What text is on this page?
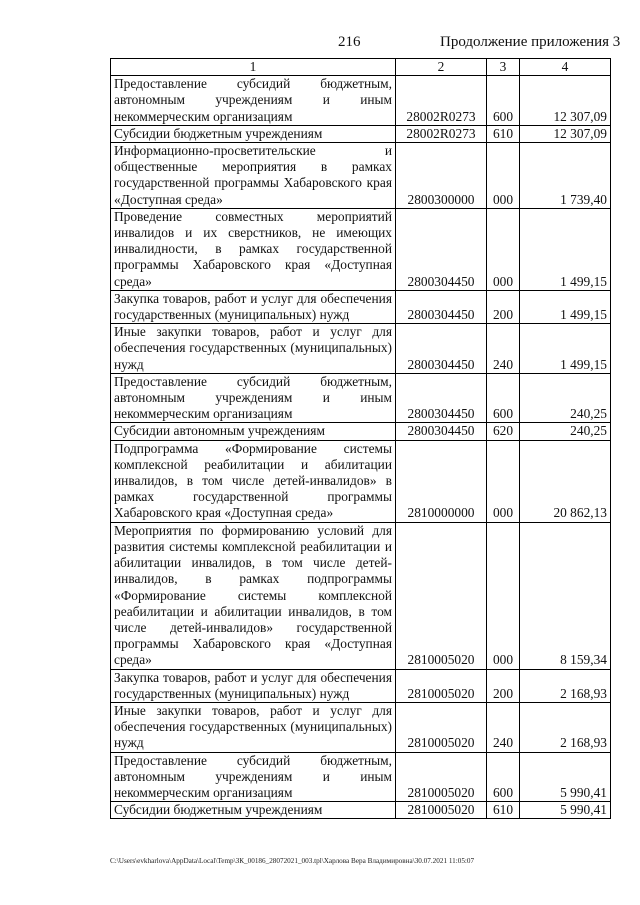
216	Продолжение приложения 3
1	2	3	4
Предоставление субсидий бюджетным, автономным учреждениям и иным некоммерческим организациям	28002R0273	600	12 307,09
Субсидии бюджетным учреждениям	28002R0273	610	12 307,09
Информационно-просветительские и общественные мероприятия в рамках государственной программы Хабаровского края «Доступная среда»	2800300000	000	1 739,40
Проведение совместных мероприятий инвалидов и их сверстников, не имеющих инвалидности, в рамках государственной программы Хабаровского края «Доступная среда»	2800304450	000	1 499,15
Закупка товаров, работ и услуг для обеспечения государственных (муниципальных) нужд	2800304450	200	1 499,15
Иные закупки товаров, работ и услуг для обеспечения государственных (муниципальных) нужд	2800304450	240	1 499,15
Предоставление субсидий бюджетным, автономным учреждениям и иным некоммерческим организациям	2800304450	600	240,25
Субсидии автономным учреждениям	2800304450	620	240,25
Подпрограмма «Формирование системы комплексной реабилитации и абилитации инвалидов, в том числе детей-инвалидов» в рамках государственной программы Хабаровского края «Доступная среда»	2810000000	000	20 862,13
Мероприятия по формированию условий для развития системы комплексной реабилитации и абилитации инвалидов, в том числе детей-инвалидов, в рамках подпрограммы «Формирование системы комплексной реабилитации и абилитации инвалидов, в том числе детей-инвалидов» государственной программы Хабаровского края «Доступная среда»	2810005020	000	8 159,34
Закупка товаров, работ и услуг для обеспечения государственных (муниципальных) нужд	2810005020	200	2 168,93
Иные закупки товаров, работ и услуг для обеспечения государственных (муниципальных) нужд	2810005020	240	2 168,93
Предоставление субсидий бюджетным, автономным учреждениям и иным некоммерческим организациям	2810005020	600	5 990,41
Субсидии бюджетным учреждениям	2810005020	610	5 990,41
C:\Users\evkharlova\AppData\Local\Temp\ЗК_00186_28072021_003.tpl\Харлова Вера Владимировна\30.07.2021 11:05:07
